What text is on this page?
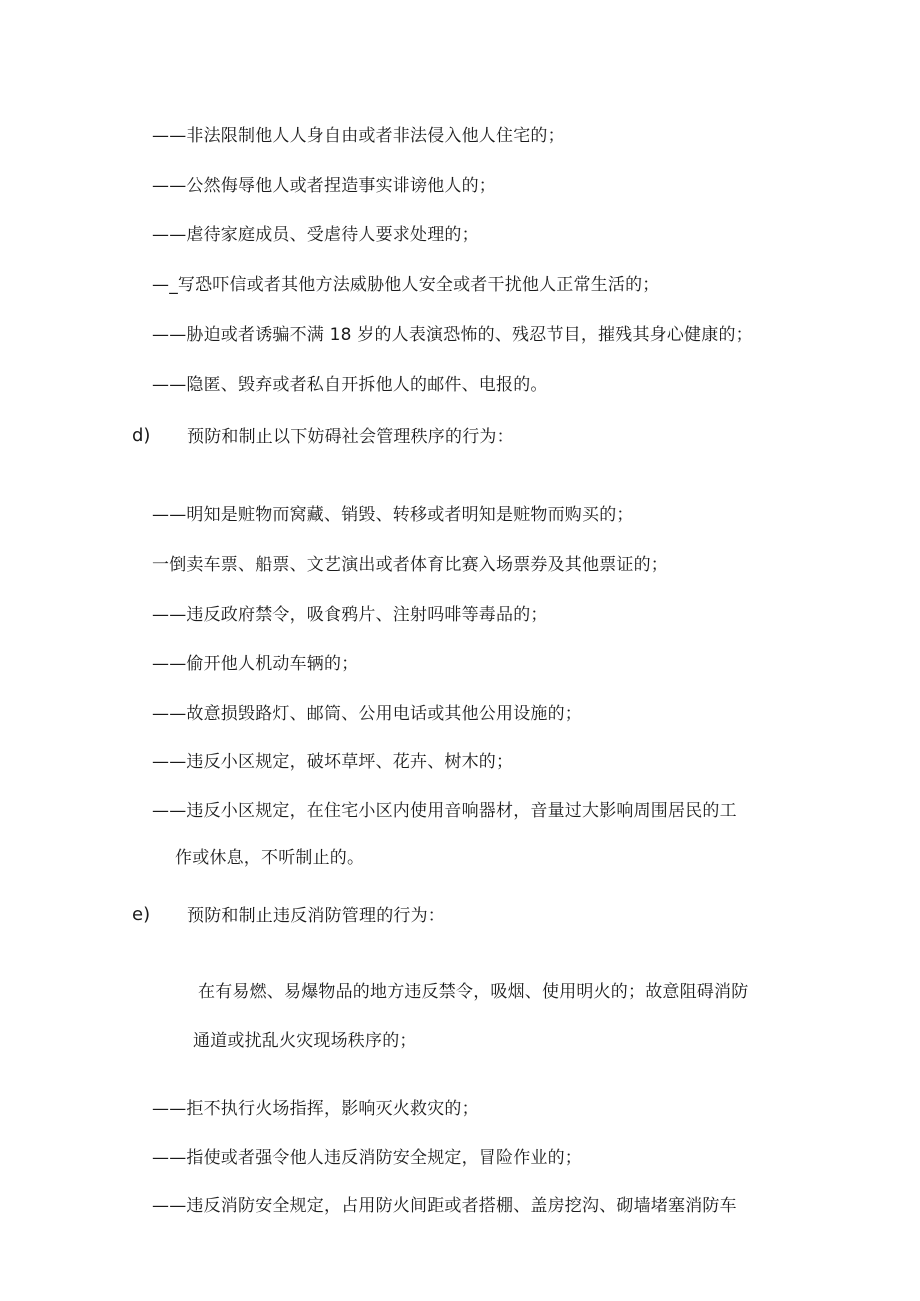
——非法限制他人人身自由或者非法侵入他人住宅的；
——公然侮辱他人或者捏造事实诽谤他人的；
——虐待家庭成员、受虐待人要求处理的；
—_写恐吓信或者其他方法威胁他人安全或者干扰他人正常生活的；
——胁迫或者诱骗不满 18 岁的人表演恐怖的、残忍节目，摧残其身心健康的；
——隐匿、毁弃或者私自开拆他人的邮件、电报的。
d) 预防和制止以下妨碍社会管理秩序的行为：
——明知是赃物而窝藏、销毁、转移或者明知是赃物而购买的；
一倒卖车票、船票、文艺演出或者体育比赛入场票券及其他票证的；
——违反政府禁令，吸食鸦片、注射吗啡等毒品的；
——偷开他人机动车辆的；
——故意损毁路灯、邮筒、公用电话或其他公用设施的；
——违反小区规定，破坏草坪、花卉、树木的；
——违反小区规定，在住宅小区内使用音响器材，音量过大影响周围居民的工
作或休息，不听制止的。
e) 预防和制止违反消防管理的行为：
在有易燃、易爆物品的地方违反禁令，吸烟、使用明火的；故意阻碍消防
通道或扰乱火灾现场秩序的；
——拒不执行火场指挥，影响灭火救灾的；
——指使或者强令他人违反消防安全规定，冒险作业的；
——违反消防安全规定，占用防火间距或者搭棚、盖房挖沟、砌墙堵塞消防车
